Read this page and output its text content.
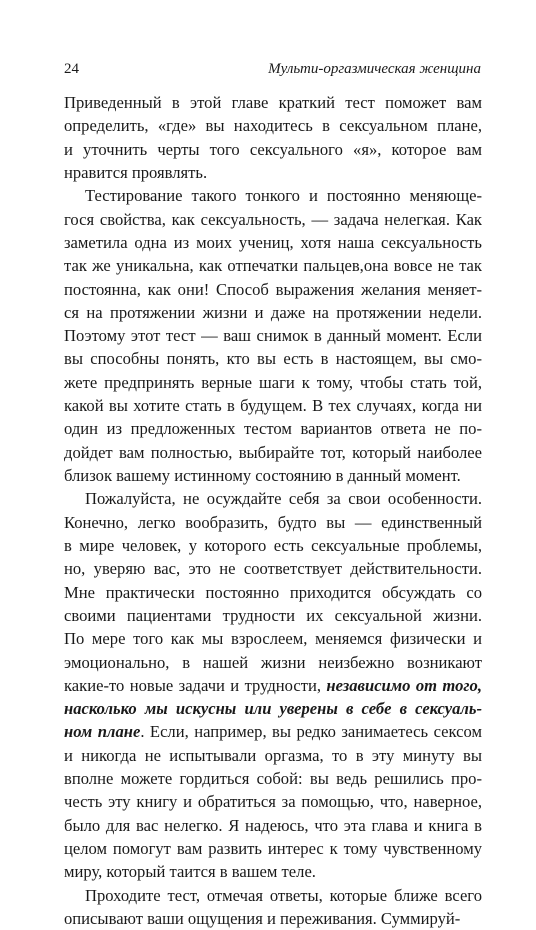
24	Мульти-оргазмическая женщина
Приведенный в этой главе краткий тест поможет вам
определить, «где» вы находитесь в сексуальном плане,
и уточнить черты того сексуального «я», которое вам
нравится проявлять.
Тестирование такого тонкого и постоянно меняюще-
гося свойства, как сексуальность, — задача нелегкая. Как
заметила одна из моих учениц, хотя наша сексуальность
так же уникальна, как отпечатки пальцев,она вовсе не так
постоянна, как они! Способ выражения желания меняет-
ся на протяжении жизни и даже на протяжении недели.
Поэтому этот тест — ваш снимок в данный момент. Если
вы способны понять, кто вы есть в настоящем, вы смо-
жете предпринять верные шаги к тому, чтобы стать той,
какой вы хотите стать в будущем. В тех случаях, когда ни
один из предложенных тестом вариантов ответа не по-
дойдет вам полностью, выбирайте тот, который наиболее
близок вашему истинному состоянию в данный момент.
Пожалуйста, не осуждайте себя за свои особенности.
Конечно, легко вообразить, будто вы — единственный
в мире человек, у которого есть сексуальные проблемы,
но, уверяю вас, это не соответствует действительности.
Мне практически постоянно приходится обсуждать со
своими пациентами трудности их сексуальной жизни.
По мере того как мы взрослеем, меняемся физически и
эмоционально, в нашей жизни неизбежно возникают
какие-то новые задачи и трудности, независимо от того,
насколько мы искусны или уверены в себе в сексуаль-
ном плане. Если, например, вы редко занимаетесь сексом
и никогда не испытывали оргазма, то в эту минуту вы
вполне можете гордиться собой: вы ведь решились про-
честь эту книгу и обратиться за помощью, что, наверное,
было для вас нелегко. Я надеюсь, что эта глава и книга в
целом помогут вам развить интерес к тому чувственному
миру, который таится в вашем теле.
Проходите тест, отмечая ответы, которые ближе всего
описывают ваши ощущения и переживания. Суммируй-
